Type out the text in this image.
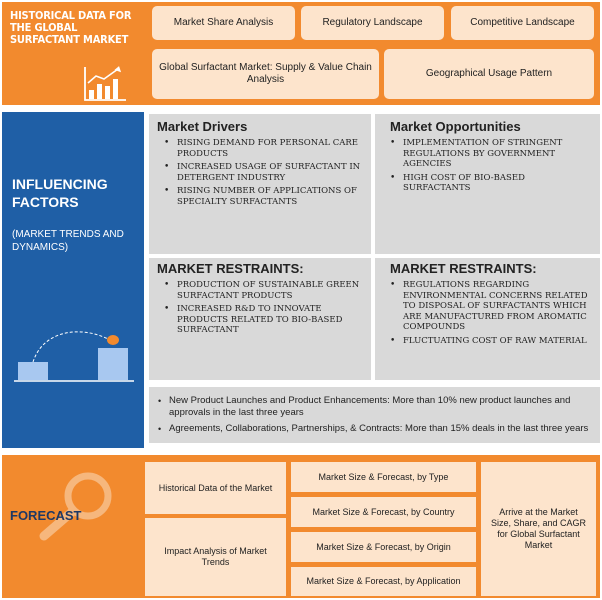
HISTORICAL DATA FOR THE GLOBAL SURFACTANT MARKET
Market Share Analysis	Regulatory Landscape	Competitive Landscape
Global Surfactant Market: Supply & Value Chain Analysis
Geographical Usage Pattern
INFLUENCING FACTORS
(MARKET TRENDS AND DYNAMICS)
Market Drivers
• RISING DEMAND FOR PERSONAL CARE PRODUCTS
• INCREASED USAGE OF SURFACTANT IN DETERGENT INDUSTRY
• RISING NUMBER OF APPLICATIONS OF SPECIALTY SURFACTANTS
Market Opportunities
• IMPLEMENTATION OF STRINGENT REGULATIONS BY GOVERNMENT AGENCIES
• HIGH COST OF BIO-BASED SURFACTANTS
MARKET RESTRAINTS:
• PRODUCTION OF SUSTAINABLE GREEN SURFACTANT PRODUCTS
• INCREASED R&D TO INNOVATE PRODUCTS RELATED TO BIO-BASED SURFACTANT
MARKET RESTRAINTS:
• REGULATIONS REGARDING ENVIRONMENTAL CONCERNS RELATED TO DISPOSAL OF SURFACTANTS WHICH ARE MANUFACTURED FROM AROMATIC COMPOUNDS
• FLUCTUATING COST OF RAW MATERIAL
• New Product Launches and Product Enhancements: More than 10% new product launches and approvals in the last three years
• Agreements, Collaborations, Partnerships, & Contracts: More than 15% deals in the last three years
FORECAST
Historical Data of the Market
Impact Analysis of Market Trends
Market Size & Forecast, by Type
Market Size & Forecast, by Country
Market Size & Forecast, by Origin
Market Size & Forecast, by Application
Arrive at the Market Size, Share, and CAGR for Global Surfactant Market
